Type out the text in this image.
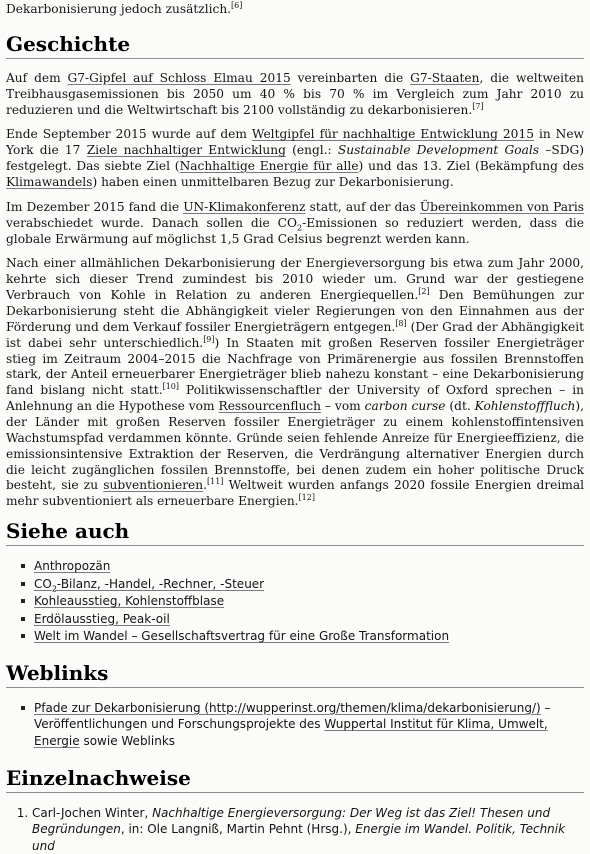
Dekarbonisierung jedoch zusätzlich.[6]
Geschichte

Auf dem G7-Gipfel auf Schloss Elmau 2015 vereinbarten die G7-Staaten, die weltweiten Treibhausgasemissionen bis 2050 um 40 % bis 70 % im Vergleich zum Jahr 2010 zu reduzieren und die Weltwirtschaft bis 2100 vollständig zu dekarbonisieren.[7]

Ende September 2015 wurde auf dem Weltgipfel für nachhaltige Entwicklung 2015 in New York die 17 Ziele nachhaltiger Entwicklung (engl.: Sustainable Development Goals –SDG) festgelegt. Das siebte Ziel (Nachhaltige Energie für alle) und das 13. Ziel (Bekämpfung des Klimawandels) haben einen unmittelbaren Bezug zur Dekarbonisierung.

Im Dezember 2015 fand die UN-Klimakonferenz statt, auf der das Übereinkommen von Paris verabschiedet wurde. Danach sollen die $CO_2$-Emissionen so reduziert werden, dass die globale Erwärmung auf möglichst 1,5 Grad Celsius begrenzt werden kann.

Nach einer allmählichen Dekarbonisierung der Energieversorgung bis etwa zum Jahr 2000, kehrte sich dieser Trend zumindest bis 2010 wieder um. Grund war der gestiegene Verbrauch von Kohle in Relation zu anderen Energiequellen.[2] Den Bemühungen zur Dekarbonisierung steht die Abhängigkeit vieler Regierungen von den Einnahmen aus der Förderung und dem Verkauf fossiler Energieträgern entgegen.[8] (Der Grad der Abhängigkeit ist dabei sehr unterschiedlich.[9]) In Staaten mit großen Reserven fossiler Energieträger stieg im Zeitraum 2004–2015 die Nachfrage von Primärenergie aus fossilen Brennstoffen stark, der Anteil erneuerbarer Energieträger blieb nahezu konstant – eine Dekarbonisierung fand bislang nicht statt.[10] Politikwissenschaftler der University of Oxford sprechen – in Anlehnung an die Hypothese vom Ressourcenfluch – vom carbon curse (dt. Kohlenstofffluch), der Länder mit großen Reserven fossiler Energieträger zu einem kohlenstoffintensiven Wachstumspfad verdammen könnte. Gründe seien fehlende Anreize für Energieeffizienz, die emissionsintensive Extraktion der Reserven, die Verdrängung alternativer Energien durch die leicht zugänglichen fossilen Brennstoffe, bei denen zudem ein hoher politische Druck besteht, sie zu subventionieren.[11] Weltweit wurden anfangs 2020 fossile Energien dreimal mehr subventioniert als erneuerbare Energien.[12]

Siehe auch
Anthropozän
$CO_2$-Bilanz, -Handel, -Rechner, -Steuer
Kohleausstieg, Kohlenstoffblase
Erdölausstieg, Peak-oil
Welt im Wandel – Gesellschaftsvertrag für eine Große Transformation
Weblinks
Pfade zur Dekarbonisierung (http://wupperinst.org/themen/klima/dekarbonisierung/) – Veröffentlichungen und Forschungsprojekte des Wuppertal Institut für Klima, Umwelt, Energie sowie Weblinks
Einzelnachweise
1. Carl-Jochen Winter, Nachhaltige Energieversorgung: Der Weg ist das Ziel! Thesen und Begründungen, in: Ole Langniß, Martin Pehnt (Hrsg.), Energie im Wandel. Politik, Technik und
